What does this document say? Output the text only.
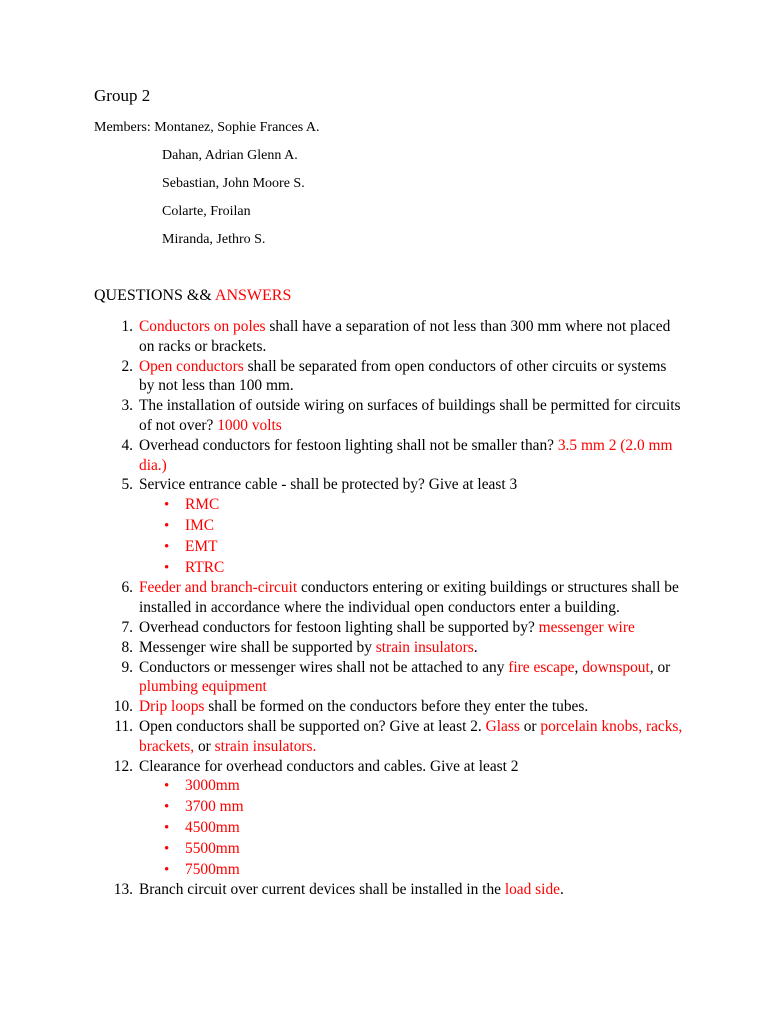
Group 2
Members: Montanez, Sophie Frances A.
Dahan, Adrian Glenn A.
Sebastian, John Moore S.
Colarte, Froilan
Miranda, Jethro S.
QUESTIONS && ANSWERS
1. Conductors on poles shall have a separation of not less than 300 mm where not placed on racks or brackets.
2. Open conductors shall be separated from open conductors of other circuits or systems by not less than 100 mm.
3. The installation of outside wiring on surfaces of buildings shall be permitted for circuits of not over? 1000 volts
4. Overhead conductors for festoon lighting shall not be smaller than? 3.5 mm 2 (2.0 mm dia.)
5. Service entrance cable - shall be protected by? Give at least 3
• RMC
• IMC
• EMT
• RTRC
6. Feeder and branch-circuit conductors entering or exiting buildings or structures shall be installed in accordance where the individual open conductors enter a building.
7. Overhead conductors for festoon lighting shall be supported by? messenger wire
8. Messenger wire shall be supported by strain insulators.
9. Conductors or messenger wires shall not be attached to any fire escape, downspout, or plumbing equipment
10. Drip loops shall be formed on the conductors before they enter the tubes.
11. Open conductors shall be supported on? Give at least 2. Glass or porcelain knobs, racks, brackets, or strain insulators.
12. Clearance for overhead conductors and cables. Give at least 2
• 3000mm
• 3700 mm
• 4500mm
• 5500mm
• 7500mm
13. Branch circuit over current devices shall be installed in the load side.
